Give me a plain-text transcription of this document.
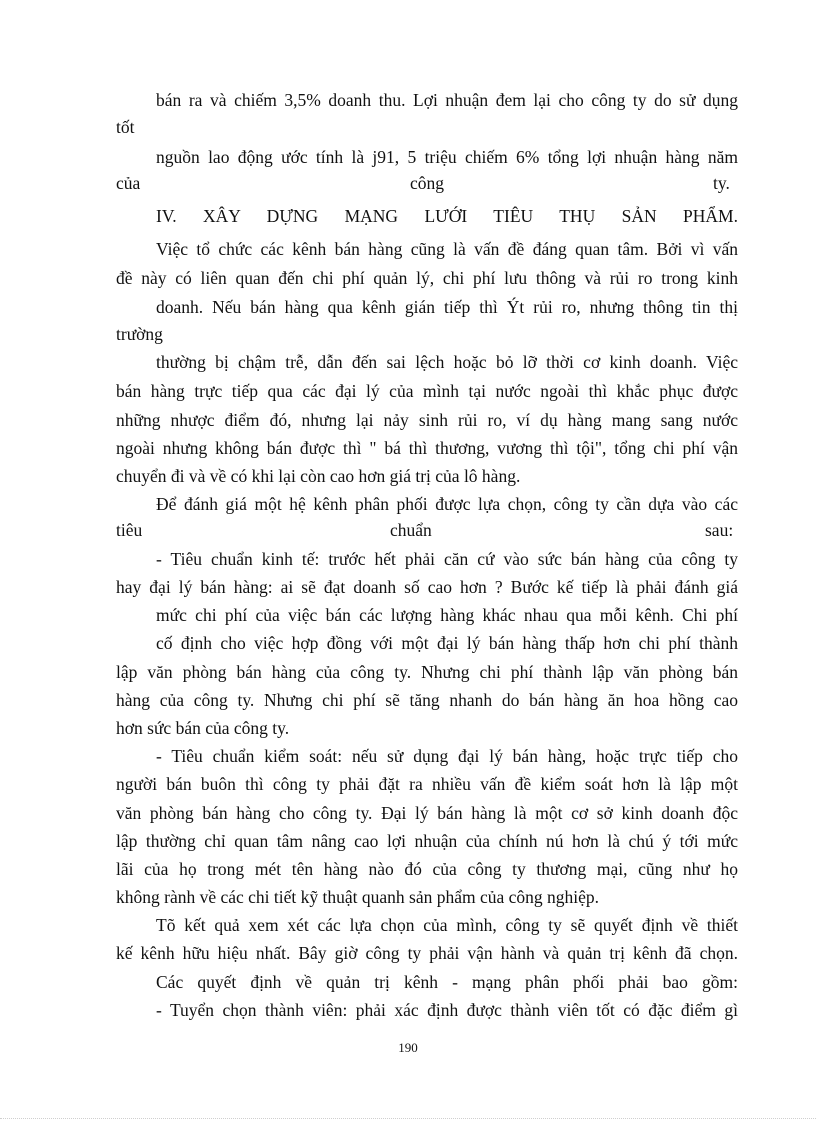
bán ra và chiếm 3,5% doanh thu. Lợi nhuận đem lại cho công ty do sử dụng
tốt
nguồn lao động ước tính là j91, 5 triệu chiếm 6% tổng lợi nhuận hàng năm
của	công	ty.
IV. XÂY DỰNG MẠNG LƯỚI TIÊU THỤ SẢN PHẨM.
Việc tổ chức các kênh bán hàng cũng là vấn đề đáng quan tâm. Bởi vì vấn
đề này có liên quan đến chi phí quản lý, chi phí lưu thông và rủi ro trong kinh
doanh. Nếu bán hàng qua kênh gián tiếp thì Ýt rủi ro, nhưng thông tin thị
trường
thường bị chậm trễ, dẫn đến sai lệch hoặc bỏ lỡ thời cơ kinh doanh. Việc
bán hàng trực tiếp qua các đại lý của mình tại nước ngoài thì khắc phục được
những nhược điểm đó, nhưng lại nảy sinh rủi ro, ví dụ hàng mang sang nước
ngoài nhưng không bán được thì " bá thì thương, vương thì tội", tổng chi phí vận
chuyển đi và về có khi lại còn cao hơn giá trị của lô hàng.
Để đánh giá một hệ kênh phân phối được lựa chọn, công ty cần dựa vào các
tiêu	chuẩn	sau:
- Tiêu chuẩn kinh tế: trước hết phải căn cứ vào sức bán hàng của công ty
hay đại lý bán hàng: ai sẽ đạt doanh số cao hơn ? Bước kế tiếp là phải đánh giá
mức chi phí của việc bán các lượng hàng khác nhau qua mỗi kênh. Chi phí
cố định cho việc hợp đồng với một đại lý bán hàng thấp hơn chi phí thành
lập văn phòng bán hàng của công ty. Nhưng chi phí thành lập văn phòng bán
hàng của công ty. Nhưng chi phí sẽ tăng nhanh do bán hàng ăn hoa hồng cao
hơn sức bán của công ty.
- Tiêu chuẩn kiểm soát: nếu sử dụng đại lý bán hàng, hoặc trực tiếp cho
người bán buôn thì công ty phải đặt ra nhiều vấn đề kiểm soát hơn là lập một
văn phòng bán hàng cho công ty. Đại lý bán hàng là một cơ sở kinh doanh độc
lập thường chỉ quan tâm nâng cao lợi nhuận của chính nú hơn là chú ý tới mức
lãi của họ trong mét tên hàng nào đó của công ty thương mại, cũng như họ
không rành về các chi tiết kỹ thuật quanh sản phẩm của công nghiệp.
Tõ kết quả xem xét các lựa chọn của mình, công ty sẽ quyết định về thiết
kế kênh hữu hiệu nhất. Bây giờ công ty phải vận hành và quản trị kênh đã chọn.
Các quyết định về quản trị kênh - mạng phân phối phải bao gồm:
- Tuyển chọn thành viên: phải xác định được thành viên tốt có đặc điểm gì
190
